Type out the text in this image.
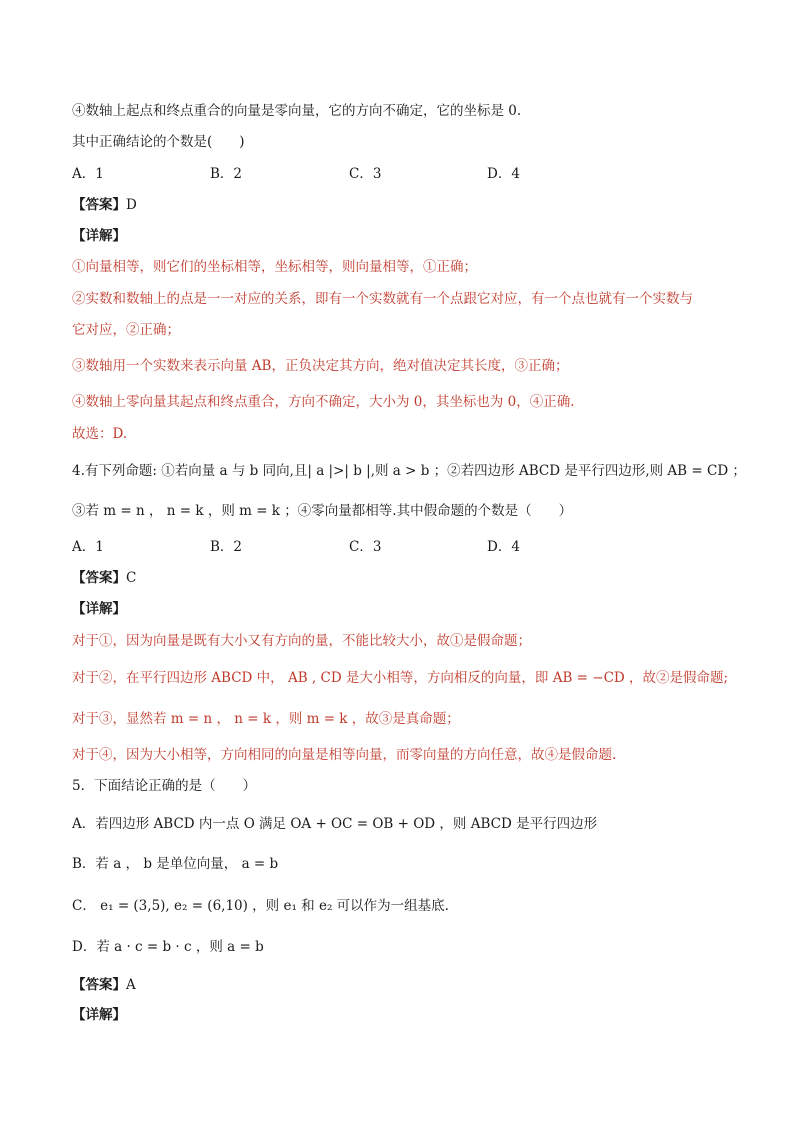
④数轴上起点和终点重合的向量是零向量，它的方向不确定，它的坐标是 0.
其中正确结论的个数是(　　)
A．1	B．2	C．3	D．4
【答案】D
【详解】
①向量相等，则它们的坐标相等，坐标相等，则向量相等，①正确；
②实数和数轴上的点是一一对应的关系，即有一个实数就有一个点跟它对应，有一个点也就有一个实数与
它对应，②正确；
③数轴用一个实数来表示向量 AB，正负决定其方向，绝对值决定其长度，③正确；
④数轴上零向量其起点和终点重合，方向不确定，大小为 0，其坐标也为 0，④正确.
故选：D.
4.有下列命题: ①若向量 a 与 b 同向,且| a |>| b |,则 a > b ；②若四边形 ABCD 是平行四边形,则 AB = CD ；
③若 m = n ， n = k ，则 m = k ；④零向量都相等.其中假命题的个数是（　　）
A．1	B．2	C．3	D．4
【答案】C
【详解】
对于①，因为向量是既有大小又有方向的量，不能比较大小，故①是假命题；
对于②，在平行四边形 ABCD 中， AB , CD 是大小相等，方向相反的向量，即 AB = −CD ，故②是假命题;
对于③，显然若 m = n ， n = k ，则 m = k ，故③是真命题；
对于④，因为大小相等，方向相同的向量是相等向量，而零向量的方向任意，故④是假命题.
5．下面结论正确的是（　　）
A．若四边形 ABCD 内一点 O 满足 OA + OC = OB + OD ，则 ABCD 是平行四边形
B．若 a ， b 是单位向量， a = b
C． e₁ = (3,5), e₂ = (6,10) ，则 e₁ 和 e₂ 可以作为一组基底.
D．若 a · c = b · c ，则 a = b
【答案】A
【详解】
